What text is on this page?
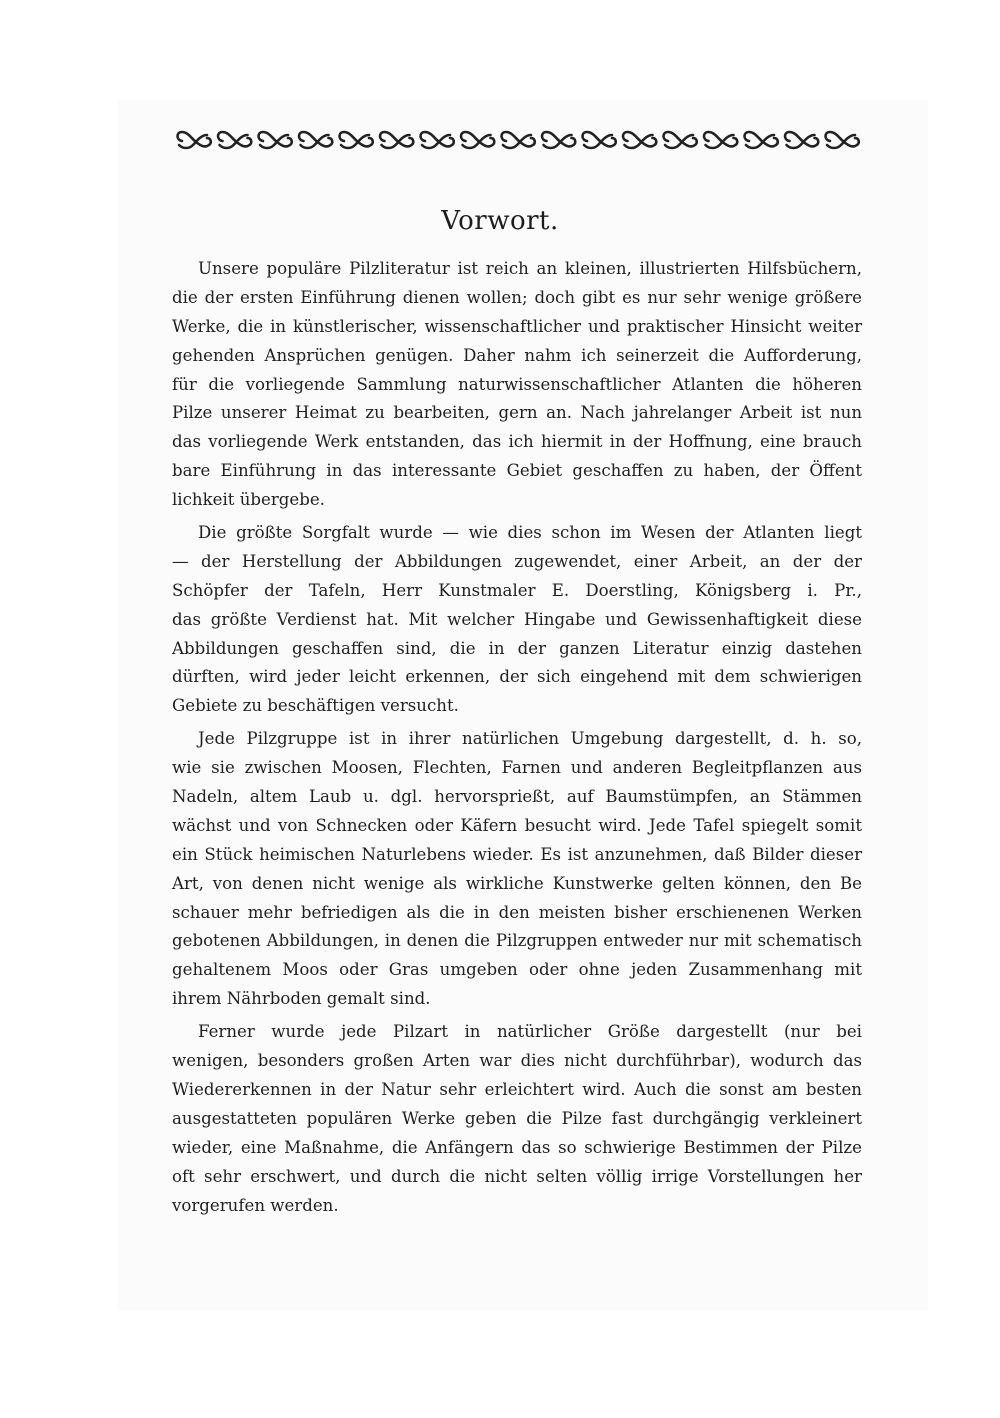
Vorwort.
Unsere populäre Pilzliteratur ist reich an kleinen, illustrierten Hilfsbüchern,
die der ersten Einführung dienen wollen; doch gibt es nur sehr wenige größere
Werke, die in künstlerischer, wissenschaftlicher und praktischer Hinsicht weiter
gehenden Ansprüchen genügen. Daher nahm ich seinerzeit die Aufforderung,
für die vorliegende Sammlung naturwissenschaftlicher Atlanten die höheren
Pilze unserer Heimat zu bearbeiten, gern an. Nach jahrelanger Arbeit ist nun
das vorliegende Werk entstanden, das ich hiermit in der Hoffnung, eine brauch
bare Einführung in das interessante Gebiet geschaffen zu haben, der Öffent
lichkeit übergebe.
Die größte Sorgfalt wurde — wie dies schon im Wesen der Atlanten liegt
— der Herstellung der Abbildungen zugewendet, einer Arbeit, an der der
Schöpfer der Tafeln, Herr Kunstmaler E. Doerstling, Königsberg i. Pr.,
das größte Verdienst hat. Mit welcher Hingabe und Gewissenhaftigkeit diese
Abbildungen geschaffen sind, die in der ganzen Literatur einzig dastehen
dürften, wird jeder leicht erkennen, der sich eingehend mit dem schwierigen
Gebiete zu beschäftigen versucht.
Jede Pilzgruppe ist in ihrer natürlichen Umgebung dargestellt, d. h. so,
wie sie zwischen Moosen, Flechten, Farnen und anderen Begleitpflanzen aus
Nadeln, altem Laub u. dgl. hervorsprießt, auf Baumstümpfen, an Stämmen
wächst und von Schnecken oder Käfern besucht wird. Jede Tafel spiegelt somit
ein Stück heimischen Naturlebens wieder. Es ist anzunehmen, daß Bilder dieser
Art, von denen nicht wenige als wirkliche Kunstwerke gelten können, den Be
schauer mehr befriedigen als die in den meisten bisher erschienenen Werken
gebotenen Abbildungen, in denen die Pilzgruppen entweder nur mit schematisch
gehaltenem Moos oder Gras umgeben oder ohne jeden Zusammenhang mit
ihrem Nährboden gemalt sind.
Ferner wurde jede Pilzart in natürlicher Größe dargestellt (nur bei
wenigen, besonders großen Arten war dies nicht durchführbar), wodurch das
Wiedererkennen in der Natur sehr erleichtert wird. Auch die sonst am besten
ausgestatteten populären Werke geben die Pilze fast durchgängig verkleinert
wieder, eine Maßnahme, die Anfängern das so schwierige Bestimmen der Pilze
oft sehr erschwert, und durch die nicht selten völlig irrige Vorstellungen her
vorgerufen werden.
